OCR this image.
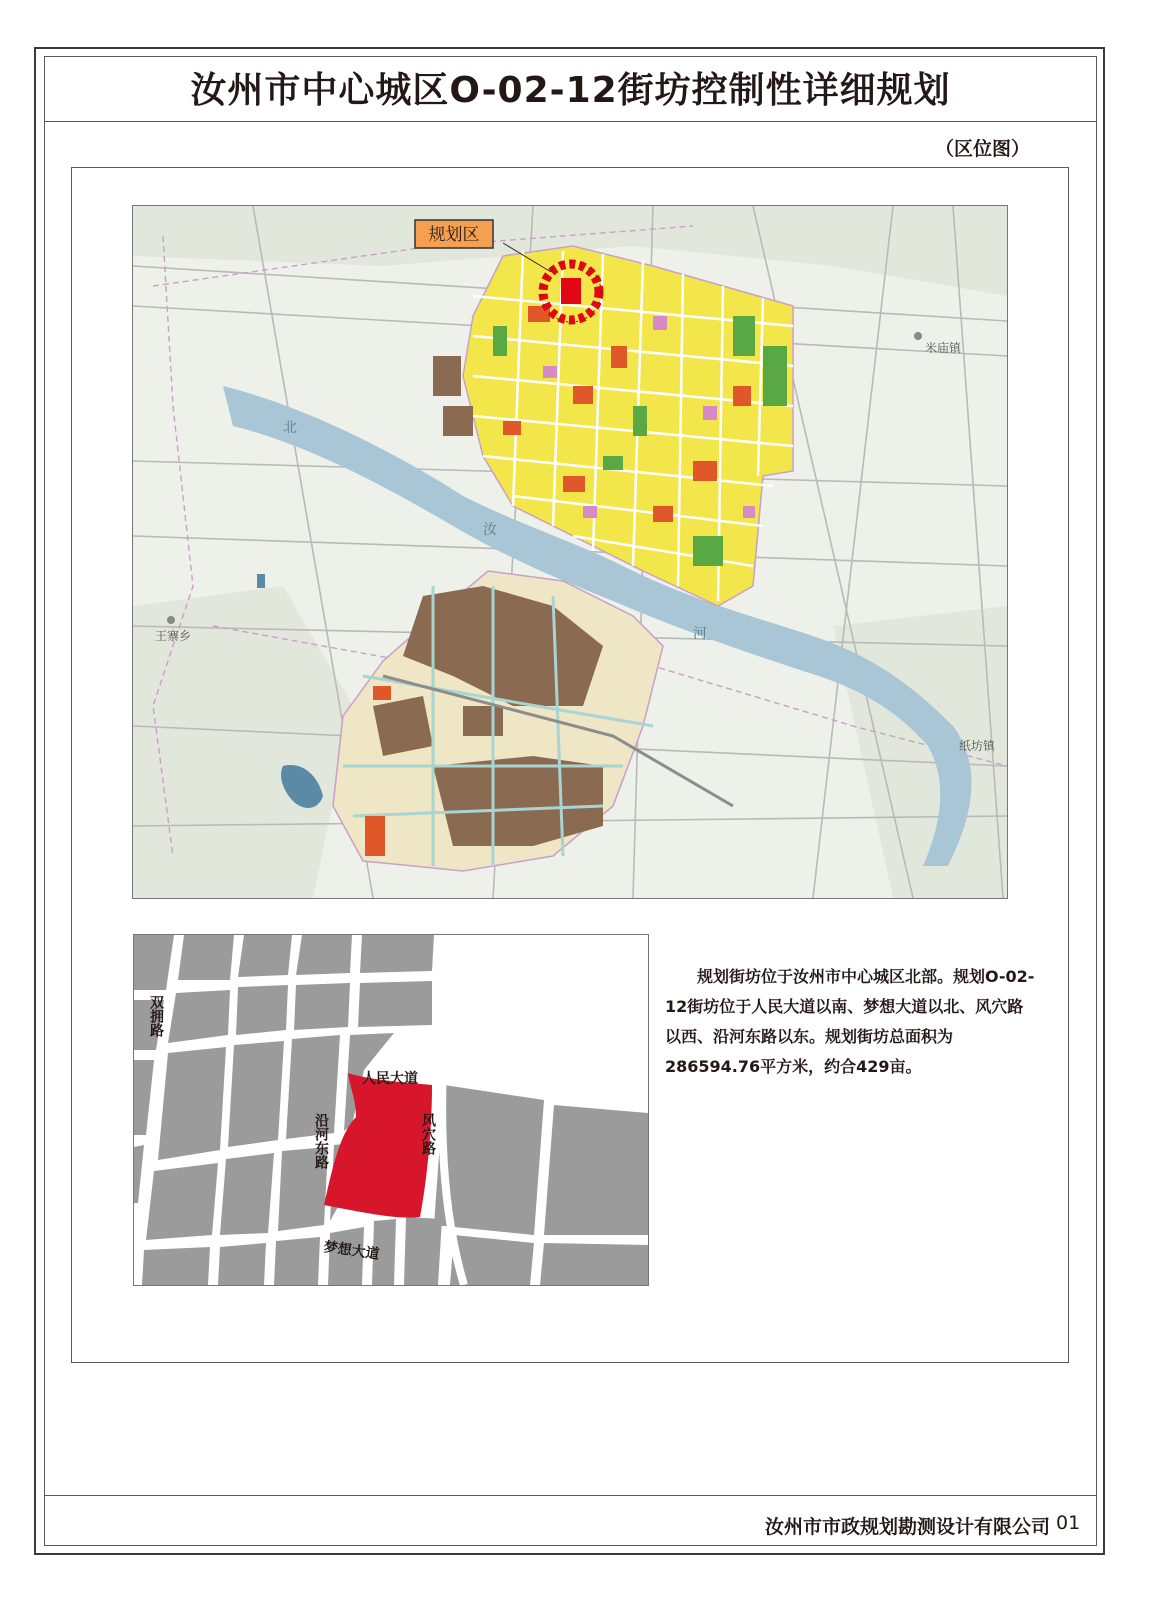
汝州市中心城区O-02-12街坊控制性详细规划
（区位图）
规划区
米庙镇
纸坊镇
王寨乡
北
汝
河
人民大道
梦想大道
风穴路
沿河东路
双拥路

规划街坊位于汝州市中心城区北部。规划O-02-12街坊位于人民大道以南、梦想大道以北、风穴路以西、沿河东路以东。规划街坊总面积为286594.76平方米，约合429亩。

汝州市市政规划勘测设计有限公司 01
